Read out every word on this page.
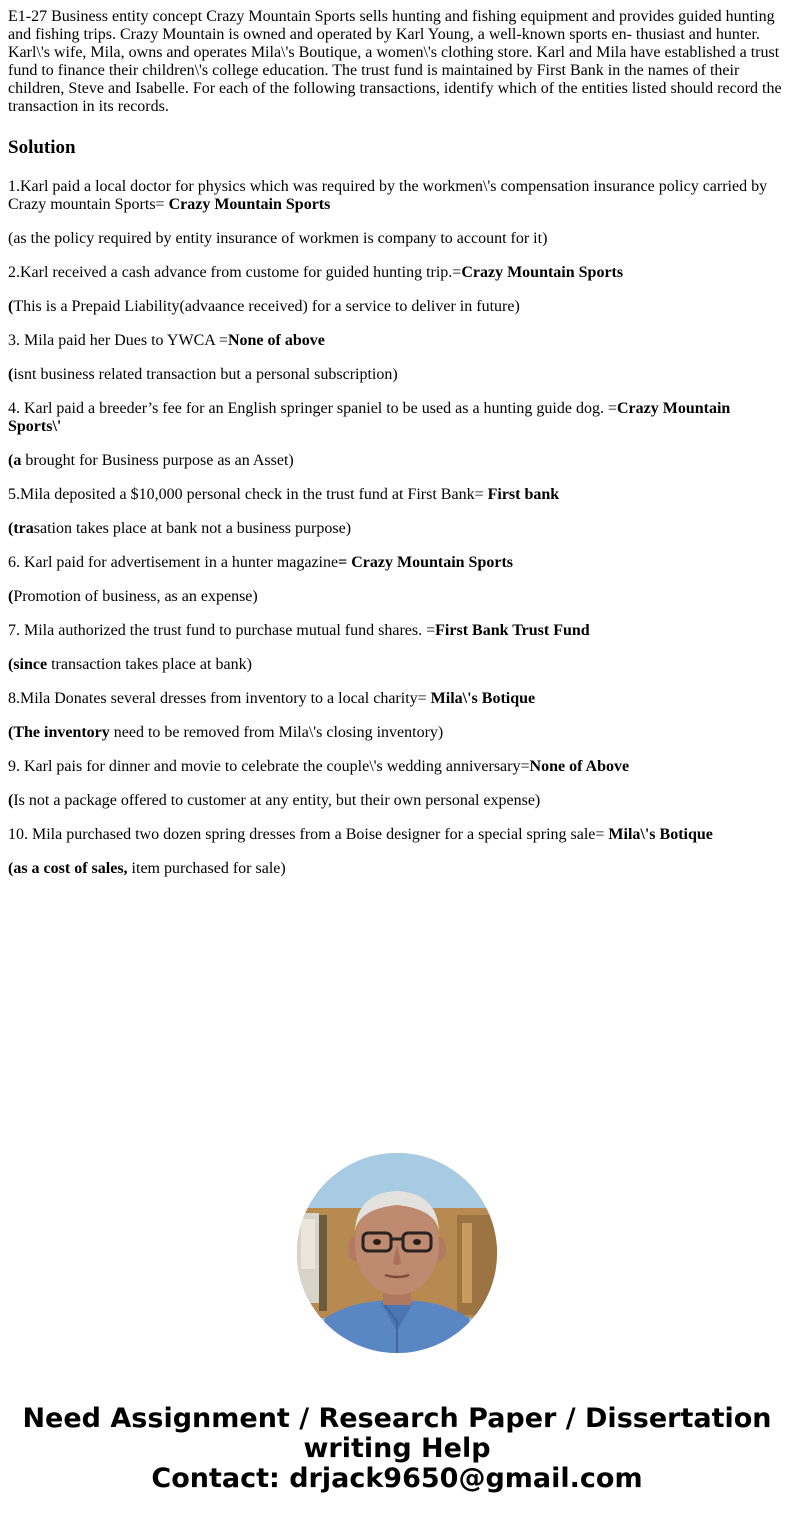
E1-27 Business entity concept Crazy Mountain Sports sells hunting and fishing equipment and provides guided hunting and fishing trips. Crazy Mountain is owned and operated by Karl Young, a well-known sports en- thusiast and hunter. Karl\'s wife, Mila, owns and operates Mila\'s Boutique, a women\'s clothing store. Karl and Mila have established a trust fund to finance their children\'s college education. The trust fund is maintained by First Bank in the names of their children, Steve and Isabelle. For each of the following transactions, identify which of the entities listed should record the transaction in its records.

Solution

1.Karl paid a local doctor for physics which was required by the workmen\'s compensation insurance policy carried by Crazy mountain Sports= Crazy Mountain Sports

(as the policy required by entity insurance of workmen is company to account for it)

2.Karl received a cash advance from custome for guided hunting trip.=Crazy Mountain Sports

(This is a Prepaid Liability(advaance received) for a service to deliver in future)

3. Mila paid her Dues to YWCA =None of above

(isnt business related transaction but a personal subscription)

4. Karl paid a breeder’s fee for an English springer spaniel to be used as a hunting guide dog. =Crazy Mountain Sports\'

(a brought for Business purpose as an Asset)

5.Mila deposited a $10,000 personal check in the trust fund at First Bank= First bank

(trasation takes place at bank not a business purpose)

6. Karl paid for advertisement in a hunter magazine= Crazy Mountain Sports

(Promotion of business, as an expense)

7. Mila authorized the trust fund to purchase mutual fund shares. =First Bank Trust Fund

(since transaction takes place at bank)

8.Mila Donates several dresses from inventory to a local charity= Mila\'s Botique

(The inventory need to be removed from Mila\'s closing inventory)

9. Karl pais for dinner and movie to celebrate the couple\'s wedding anniversary=None of Above

(Is not a package offered to customer at any entity, but their own personal expense)

10. Mila purchased two dozen spring dresses from a Boise designer for a special spring sale= Mila\'s Botique

(as a cost of sales, item purchased for sale)

Need Assignment / Research Paper / Dissertation
writing Help
Contact: drjack9650@gmail.com
